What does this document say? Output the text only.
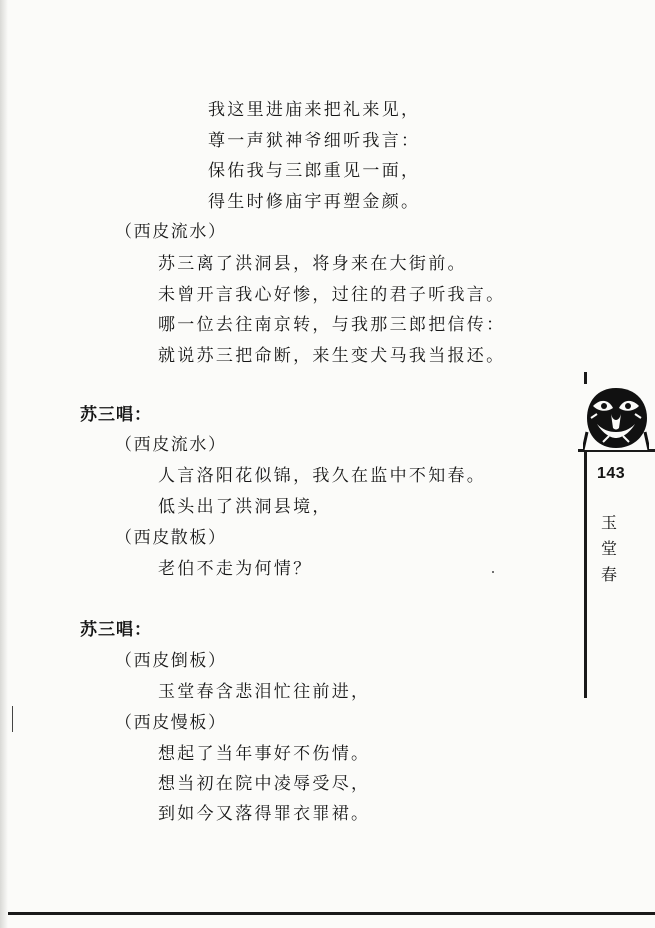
我这里进庙来把礼来见，
尊一声狱神爷细听我言：
保佑我与三郎重见一面，
得生时修庙宇再塑金颜。
（西皮流水）
苏三离了洪洞县，将身来在大街前。
未曾开言我心好惨，过往的君子听我言。
哪一位去往南京转，与我那三郎把信传：
就说苏三把命断，来生变犬马我当报还。
苏三唱：
（西皮流水）
人言洛阳花似锦，我久在监中不知春。
低头出了洪洞县境，
（西皮散板）
老伯不走为何情？
苏三唱：
（西皮倒板）
玉堂春含悲泪忙往前进，
（西皮慢板）
想起了当年事好不伤情。
想当初在院中凌辱受尽，
到如今又落得罪衣罪裙。
143
玉堂春
